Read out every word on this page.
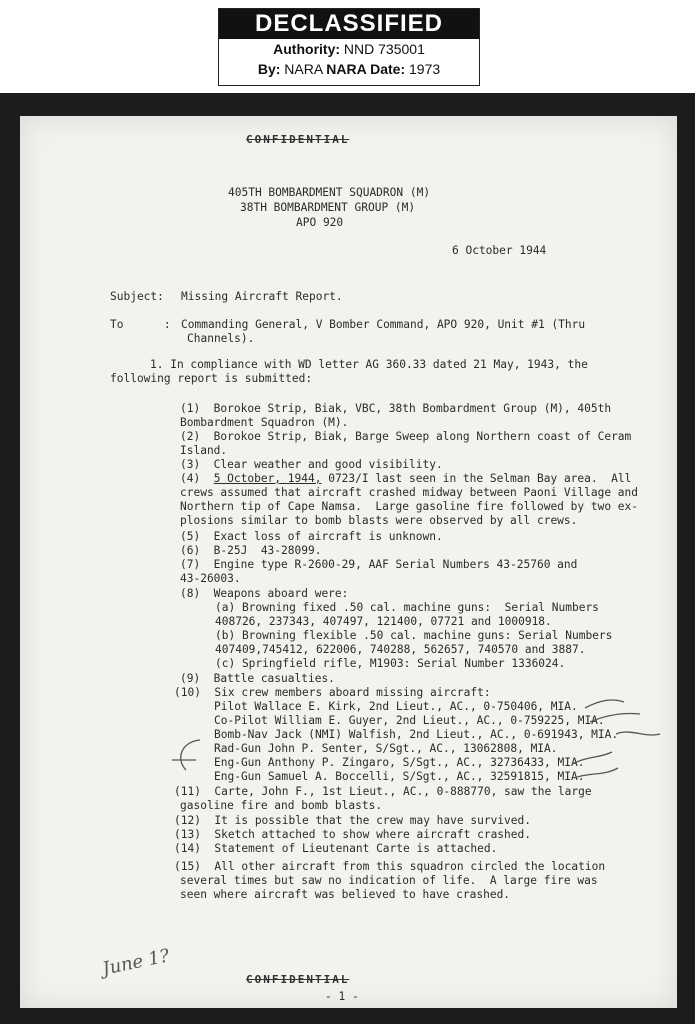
DECLASSIFIED
Authority: NND 735001
By: NARA NARA Date: 1973
CONFIDENTIAL
405TH BOMBARDMENT SQUADRON (M)
38TH BOMBARDMENT GROUP (M)
APO 920
6 October 1944
Subject: Missing Aircraft Report.
To      : Commanding General, V Bomber Command, APO 920, Unit #1 (Thru
Channels).
1. In compliance with WD letter AG 360.33 dated 21 May, 1943, the
following report is submitted:
(1)  Borokoe Strip, Biak, VBC, 38th Bombardment Group (M), 405th
Bombardment Squadron (M).
(2)  Borokoe Strip, Biak, Barge Sweep along Northern coast of Ceram
Island.
(3)  Clear weather and good visibility.
(4)  5 October, 1944, 0723/I last seen in the Selman Bay area.  All
crews assumed that aircraft crashed midway between Paoni Village and
Northern tip of Cape Namsa.  Large gasoline fire followed by two ex-
plosions similar to bomb blasts were observed by all crews.
(5)  Exact loss of aircraft is unknown.
(6)  B-25J  43-28099.
(7)  Engine type R-2600-29, AAF Serial Numbers 43-25760 and
43-26003.
(8)  Weapons aboard were:
(a) Browning fixed .50 cal. machine guns:  Serial Numbers
408726, 237343, 407497, 121400, 07721 and 1000918.
(b) Browning flexible .50 cal. machine guns: Serial Numbers
407409,745412, 622006, 740288, 562657, 740570 and 3887.
(c) Springfield rifle, M1903: Serial Number 1336024.
(9)  Battle casualties.
(10)  Six crew members aboard missing aircraft:
Pilot Wallace E. Kirk, 2nd Lieut., AC., 0-750406, MIA.
Co-Pilot William E. Guyer, 2nd Lieut., AC., 0-759225, MIA.
Bomb-Nav Jack (NMI) Walfish, 2nd Lieut., AC., 0-691943, MIA.
Rad-Gun John P. Senter, S/Sgt., AC., 13062808, MIA.
Eng-Gun Anthony P. Zingaro, S/Sgt., AC., 32736433, MIA.
Eng-Gun Samuel A. Boccelli, S/Sgt., AC., 32591815, MIA.
(11)  Carte, John F., 1st Lieut., AC., 0-888770, saw the large
gasoline fire and bomb blasts.
(12)  It is possible that the crew may have survived.
(13)  Sketch attached to show where aircraft crashed.
(14)  Statement of Lieutenant Carte is attached.
(15)  All other aircraft from this squadron circled the location
several times but saw no indication of life.  A large fire was
seen where aircraft was believed to have crashed.
June 1?	CONFIDENTIAL
- 1 -
